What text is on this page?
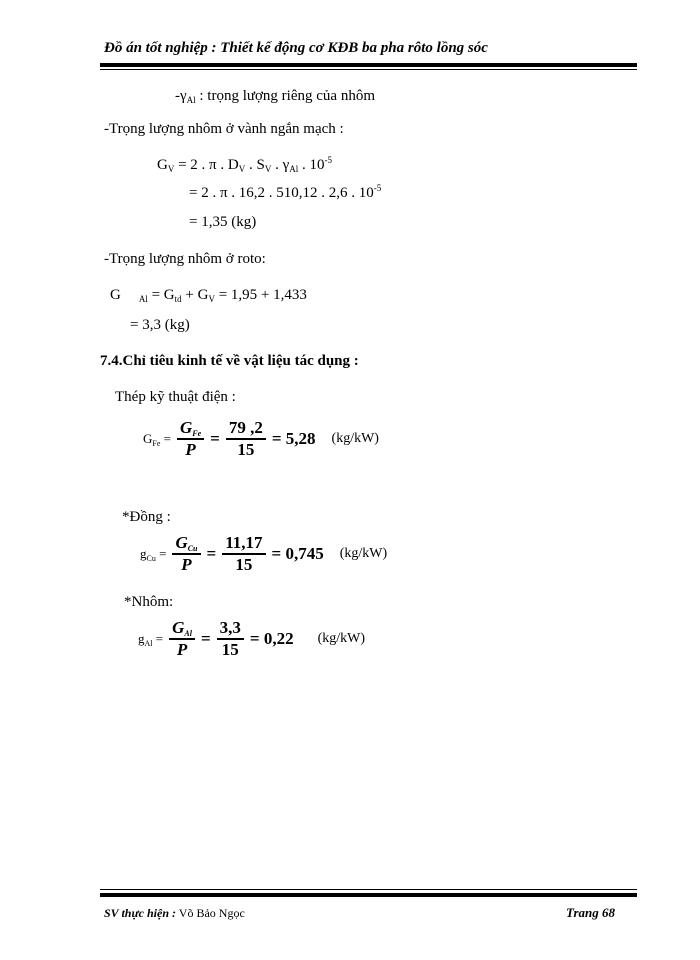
Đồ án tốt nghiệp : Thiết kế động cơ KĐB ba pha rôto lồng sóc
$-\gamma_{Al}$ : trọng lượng riêng của nhôm
-Trọng lượng nhôm ở vành ngắn mạch :
$G_V = 2$ . π . $D_V$ . $S_V$ . $\gamma_{Al}$ . $10^{-5}$
= 2 . π . 16,2 . 510,12 . 2,6 . $10^{-5}$
= 1,35 (kg)
-Trọng lượng nhôm ở roto:
G $_{Al} = G_{td} + G_V = 1,95 + 1,433$
= 3,3 (kg)
7.4.Chỉ tiêu kinh tế về vật liệu tác dụng :
Thép kỹ thuật điện :
$G_{Fe} = \frac{\text{GFe}}{P} = \frac{79 ,2}{15} = 5,28$ (kg/kW)
*Đồng :
$g_{Cu} = \frac{\text{GCu}}{P} = \frac{11,17}{15} = 0,745$ (kg/kW)
*Nhôm:
$g_{Al} = \frac{\text{GAl}}{P} = \frac{3,3}{15} = 0,22$ (kg/kW)
SV thực hiện : Võ Bảo Ngọc	Trang 68
